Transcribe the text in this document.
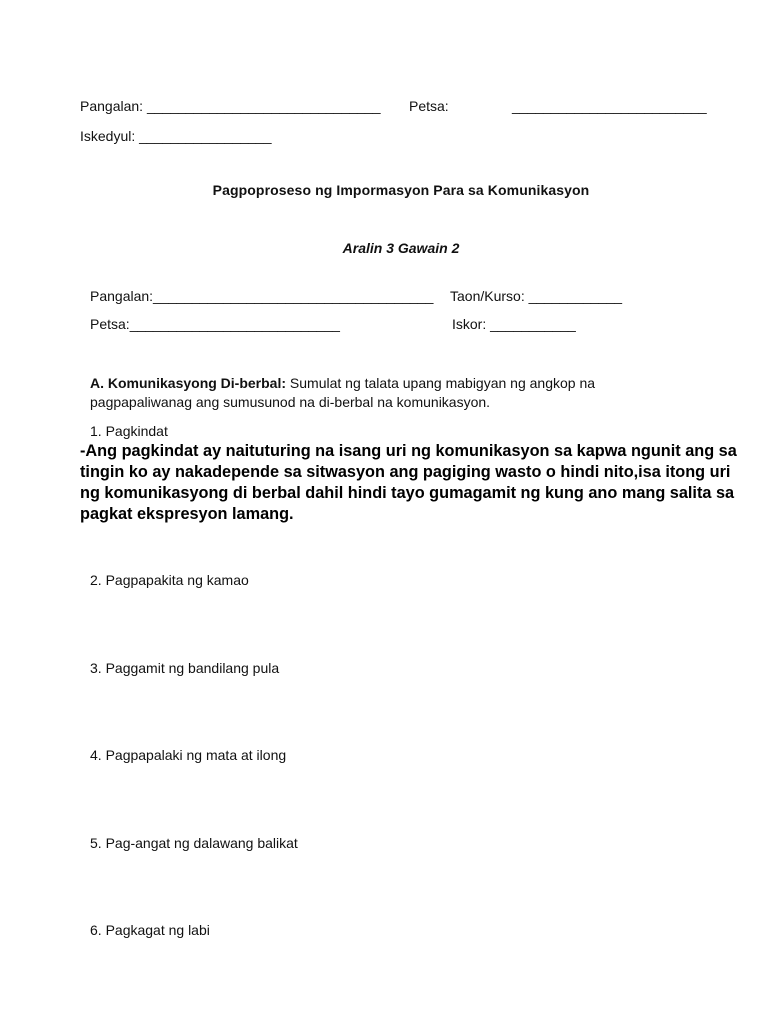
Pangalan: ______________________________ Petsa:	_________________________
Iskedyul: _________________
Pagpoproseso ng Impormasyon Para sa Komunikasyon
Aralin 3 Gawain 2
Pangalan:____________________________________ Taon/Kurso: ____________
Petsa:___________________________	Iskor: ___________
A. Komunikasyong Di-berbal: Sumulat ng talata upang mabigyan ng angkop na pagpapaliwanag ang sumusunod na di-berbal na komunikasyon.
1. Pagkindat
-Ang pagkindat ay naituturing na isang uri ng komunikasyon sa kapwa ngunit ang sa tingin ko ay nakadepende sa sitwasyon ang pagiging wasto o hindi nito,isa itong uri ng komunikasyong di berbal dahil hindi tayo gumagamit ng kung ano mang salita sa pagkat ekspresyon lamang.
2. Pagpapakita ng kamao
3. Paggamit ng bandilang pula
4. Pagpapalaki ng mata at ilong
5. Pag-angat ng dalawang balikat
6. Pagkagat ng labi
